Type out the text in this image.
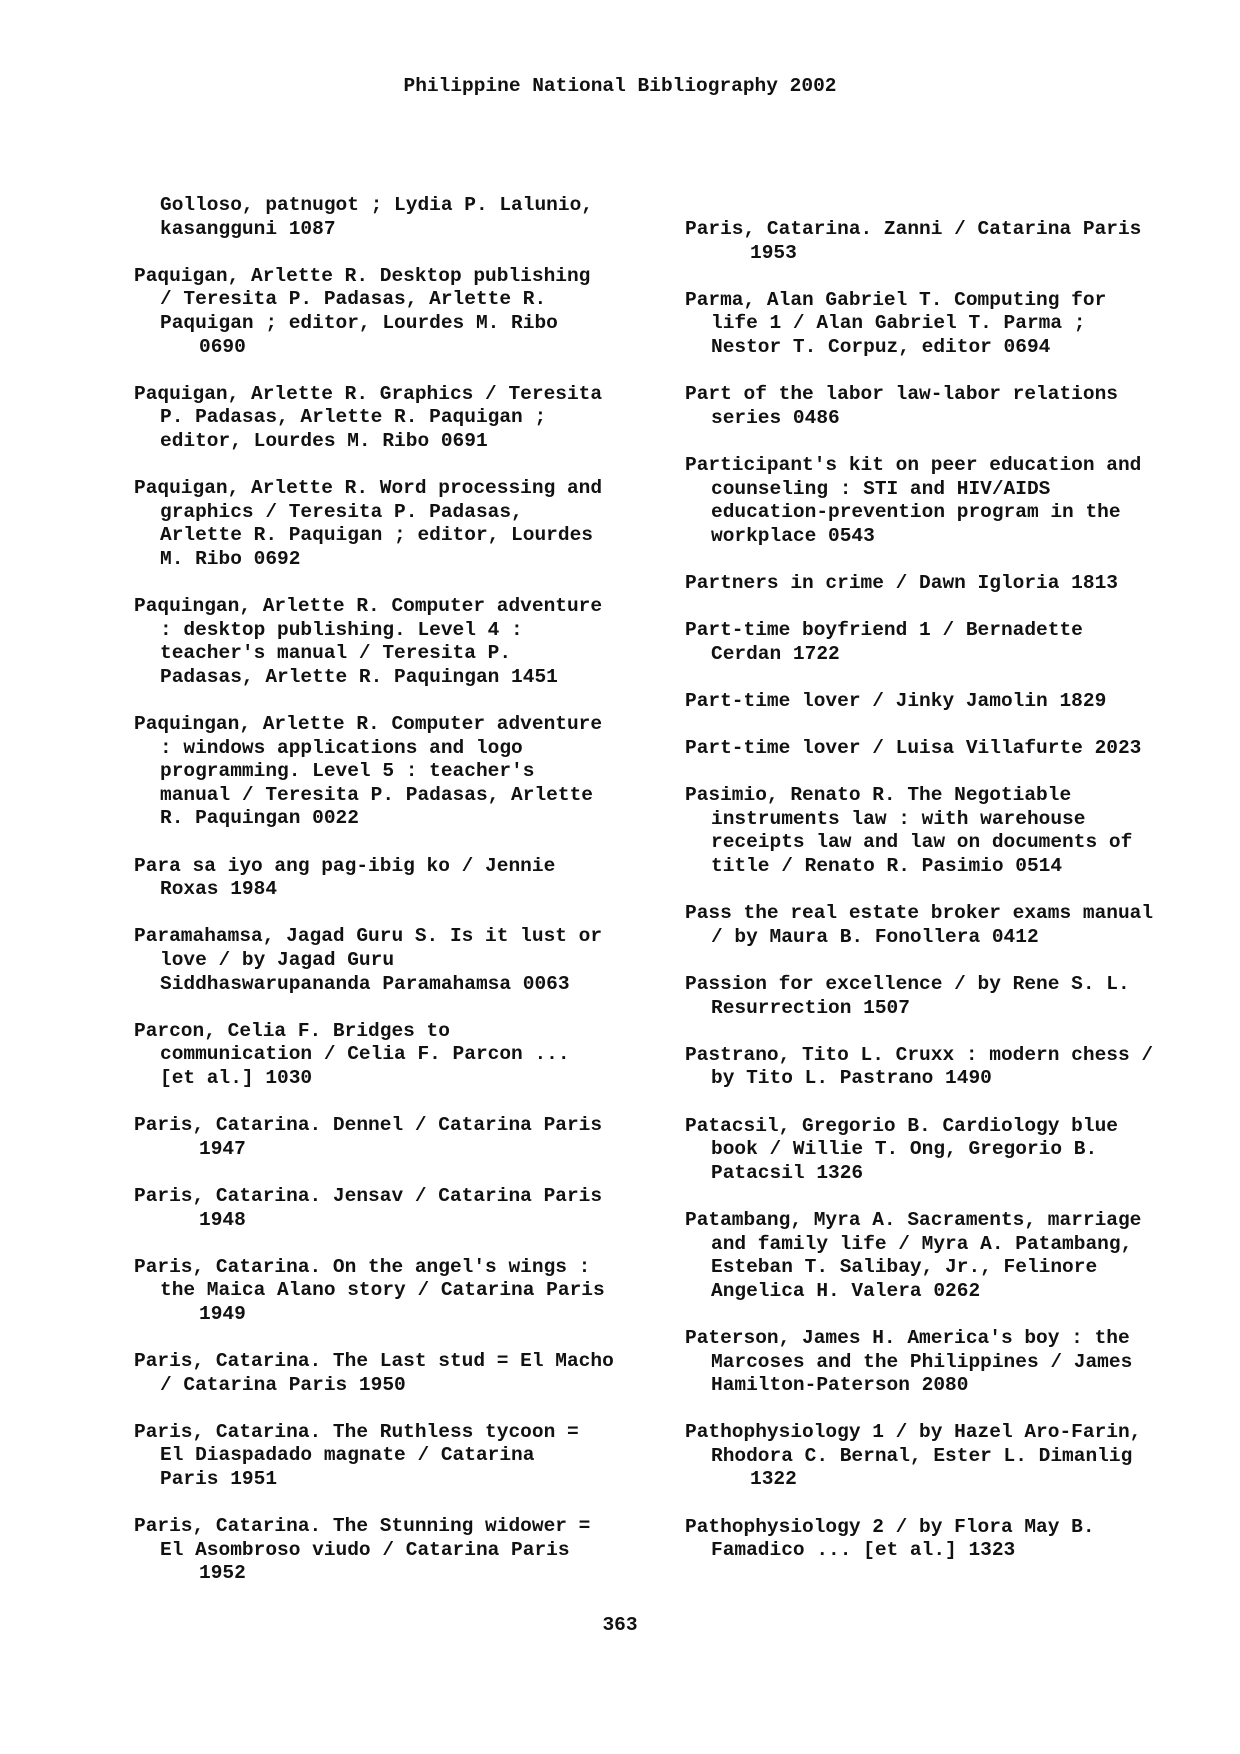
Philippine National Bibliography 2002
Golloso, patnugot ; Lydia P. Lalunio,
kasangguni 1087
Paquigan, Arlette R. Desktop publishing
/ Teresita P. Padasas, Arlette R.
Paquigan ; editor, Lourdes M. Ribo
0690
Paquigan, Arlette R. Graphics / Teresita
P. Padasas, Arlette R. Paquigan ;
editor, Lourdes M. Ribo 0691
Paquigan, Arlette R. Word processing and
graphics / Teresita P. Padasas,
Arlette R. Paquigan ; editor, Lourdes
M. Ribo 0692
Paquingan, Arlette R. Computer adventure
: desktop publishing. Level 4 :
teacher's manual / Teresita P.
Padasas, Arlette R. Paquingan 1451
Paquingan, Arlette R. Computer adventure
: windows applications and logo
programming. Level 5 : teacher's
manual / Teresita P. Padasas, Arlette
R. Paquingan 0022
Para sa iyo ang pag-ibig ko / Jennie
Roxas 1984
Paramahamsa, Jagad Guru S. Is it lust or
love / by Jagad Guru
Siddhaswarupananda Paramahamsa 0063
Parcon, Celia F. Bridges to
communication / Celia F. Parcon ...
[et al.] 1030
Paris, Catarina. Dennel / Catarina Paris
1947
Paris, Catarina. Jensav / Catarina Paris
1948
Paris, Catarina. On the angel's wings :
the Maica Alano story / Catarina Paris
1949
Paris, Catarina. The Last stud = El Macho
/ Catarina Paris 1950
Paris, Catarina. The Ruthless tycoon =
El Diaspadado magnate / Catarina
Paris 1951
Paris, Catarina. The Stunning widower =
El Asombroso viudo / Catarina Paris
1952
Paris, Catarina. Zanni / Catarina Paris
1953
Parma, Alan Gabriel T. Computing for
life 1 / Alan Gabriel T. Parma ;
Nestor T. Corpuz, editor 0694
Part of the labor law-labor relations
series 0486
Participant's kit on peer education and
counseling : STI and HIV/AIDS
education-prevention program in the
workplace 0543
Partners in crime / Dawn Igloria 1813
Part-time boyfriend 1 / Bernadette
Cerdan 1722
Part-time lover / Jinky Jamolin 1829
Part-time lover / Luisa Villafurte 2023
Pasimio, Renato R. The Negotiable
instruments law : with warehouse
receipts law and law on documents of
title / Renato R. Pasimio 0514
Pass the real estate broker exams manual
/ by Maura B. Fonollera 0412
Passion for excellence / by Rene S. L.
Resurrection 1507
Pastrano, Tito L. Cruxx : modern chess /
by Tito L. Pastrano 1490
Patacsil, Gregorio B. Cardiology blue
book / Willie T. Ong, Gregorio B.
Patacsil 1326
Patambang, Myra A. Sacraments, marriage
and family life / Myra A. Patambang,
Esteban T. Salibay, Jr., Felinore
Angelica H. Valera 0262
Paterson, James H. America's boy : the
Marcoses and the Philippines / James
Hamilton-Paterson 2080
Pathophysiology 1 / by Hazel Aro-Farin,
Rhodora C. Bernal, Ester L. Dimanlig
1322
Pathophysiology 2 / by Flora May B.
Famadico ... [et al.] 1323
363
